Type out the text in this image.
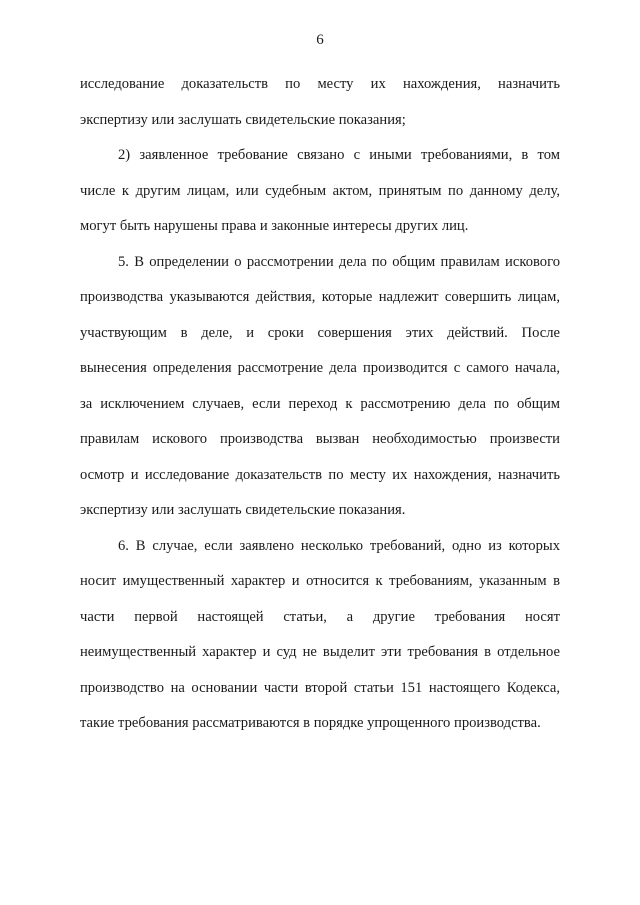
6

исследование доказательств по месту их нахождения, назначить
экспертизу или заслушать свидетельские показания;

2) заявленное требование связано с иными требованиями, в том
числе к другим лицам, или судебным актом, принятым по данному делу,
могут быть нарушены права и законные интересы других лиц.

5. В определении о рассмотрении дела по общим правилам искового
производства указываются действия, которые надлежит совершить лицам,
участвующим в деле, и сроки совершения этих действий. После
вынесения определения рассмотрение дела производится с самого начала,
за исключением случаев, если переход к рассмотрению дела по общим
правилам искового производства вызван необходимостью произвести
осмотр и исследование доказательств по месту их нахождения, назначить
экспертизу или заслушать свидетельские показания.

6. В случае, если заявлено несколько требований, одно из которых
носит имущественный характер и относится к требованиям, указанным в
части первой настоящей статьи, а другие требования носят
неимущественный характер и суд не выделит эти требования в отдельное
производство на основании части второй статьи 151 настоящего Кодекса,
такие требования рассматриваются в порядке упрощенного производства.
